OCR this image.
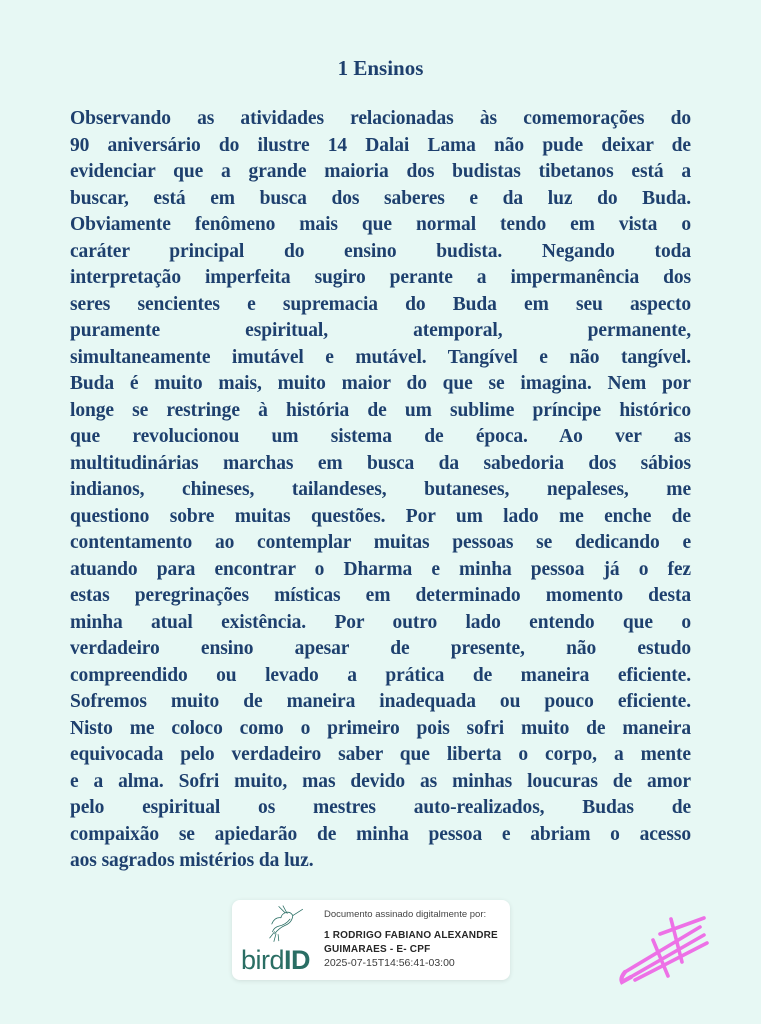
1 Ensinos
Observando as atividades relacionadas às comemorações do
90 aniversário do ilustre 14 Dalai Lama não pude deixar de
evidenciar que a grande maioria dos budistas tibetanos está a
buscar, está em busca dos saberes e da luz do Buda.
Obviamente fenômeno mais que normal tendo em vista o
caráter principal do ensino budista. Negando toda
interpretação imperfeita sugiro perante a impermanência dos
seres sencientes e supremacia do Buda em seu aspecto
puramente espiritual, atemporal, permanente,
simultaneamente imutável e mutável. Tangível e não tangível.
Buda é muito mais, muito maior do que se imagina. Nem por
longe se restringe à história de um sublime príncipe histórico
que revolucionou um sistema de época. Ao ver as
multitudinárias marchas em busca da sabedoria dos sábios
indianos, chineses, tailandeses, butaneses, nepaleses, me
questiono sobre muitas questões. Por um lado me enche de
contentamento ao contemplar muitas pessoas se dedicando e
atuando para encontrar o Dharma e minha pessoa já o fez
estas peregrinações místicas em determinado momento desta
minha atual existência. Por outro lado entendo que o
verdadeiro ensino apesar de presente, não estudo
compreendido ou levado a prática de maneira eficiente.
Sofremos muito de maneira inadequada ou pouco eficiente.
Nisto me coloco como o primeiro pois sofri muito de maneira
equivocada pelo verdadeiro saber que liberta o corpo, a mente
e a alma. Sofri muito, mas devido as minhas loucuras de amor
pelo espiritual os mestres auto-realizados, Budas de
compaixão se apiedarão de minha pessoa e abriam o acesso
aos sagrados mistérios da luz.
birdID
Documento assinado digitalmente por:
1 RODRIGO FABIANO ALEXANDRE
GUIMARAES - E- CPF
2025-07-15T14:56:41-03:00
